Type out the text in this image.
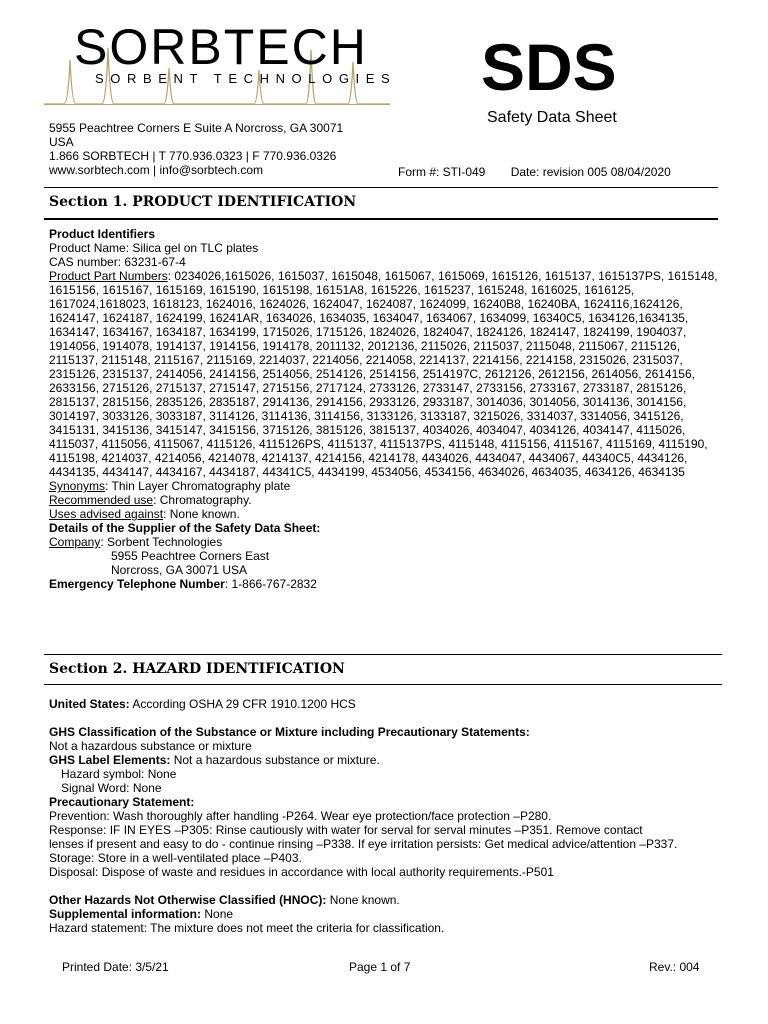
SORBTECH
SORBENT TECHNOLOGIES SDS
Safety Data Sheet
5955 Peachtree Corners E Suite A Norcross, GA 30071
USA
1.866 SORBTECH | T 770.936.0323 | F 770.936.0326
www.sorbtech.com | info@sorbtech.com	Form #: STI-049 Date: revision 005 08/04/2020
Section 1. PRODUCT IDENTIFICATION

Product Identifiers

Product Name: Silica gel on TLC plates

CAS number: 63231-67-4

Product Part Numbers: 0234026,1615026, 1615037, 1615048, 1615067, 1615069, 1615126, 1615137, 1615137PS, 1615148, 1615156, 1615167, 1615169, 1615190, 1615198, 16151A8, 1615226, 1615237, 1615248, 1616025, 1616125, 1617024,1618023, 1618123, 1624016, 1624026, 1624047, 1624087, 1624099, 16240B8, 16240BA, 1624116,1624126, 1624147, 1624187, 1624199, 16241AR, 1634026, 1634035, 1634047, 1634067, 1634099, 16340C5, 1634126,1634135, 1634147, 1634167, 1634187, 1634199, 1715026, 1715126, 1824026, 1824047, 1824126, 1824147, 1824199, 1904037, 1914056, 1914078, 1914137, 1914156, 1914178, 2011132, 2012136, 2115026, 2115037, 2115048, 2115067, 2115126, 2115137, 2115148, 2115167, 2115169, 2214037, 2214056, 2214058, 2214137, 2214156, 2214158, 2315026, 2315037, 2315126, 2315137, 2414056, 2414156, 2514056, 2514126, 2514156, 2514197C, 2612126, 2612156, 2614056, 2614156, 2633156, 2715126, 2715137, 2715147, 2715156, 2717124, 2733126, 2733147, 2733156, 2733167, 2733187, 2815126, 2815137, 2815156, 2835126, 2835187, 2914136, 2914156, 2933126, 2933187, 3014036, 3014056, 3014136, 3014156, 3014197, 3033126, 3033187, 3114126, 3114136, 3114156, 3133126, 3133187, 3215026, 3314037, 3314056, 3415126, 3415131, 3415136, 3415147, 3415156, 3715126, 3815126, 3815137, 4034026, 4034047, 4034126, 4034147, 4115026, 4115037, 4115056, 4115067, 4115126, 4115126PS, 4115137, 4115137PS, 4115148, 4115156, 4115167, 4115169, 4115190, 4115198, 4214037, 4214056, 4214078, 4214137, 4214156, 4214178, 4434026, 4434047, 4434067, 44340C5, 4434126, 4434135, 4434147, 4434167, 4434187, 44341C5, 4434199, 4534056, 4534156, 4634026, 4634035, 4634126, 4634135

Synonyms: Thin Layer Chromatography plate

Recommended use: Chromatography.

Uses advised against: None known.

Details of the Supplier of the Safety Data Sheet:

Company: Sorbent Technologies

5955 Peachtree Corners East

Norcross, GA 30071 USA

Emergency Telephone Number: 1-866-767-2832

Section 2. HAZARD IDENTIFICATION

United States: According OSHA 29 CFR 1910.1200 HCS

GHS Classification of the Substance or Mixture including Precautionary Statements:

Not a hazardous substance or mixture

GHS Label Elements: Not a hazardous substance or mixture.

Hazard symbol: None

Signal Word: None

Precautionary Statement:

Prevention: Wash thoroughly after handling -P264. Wear eye protection/face protection –P280.

Response: IF IN EYES –P305: Rinse cautiously with water for serval for serval minutes –P351. Remove contact

lenses if present and easy to do - continue rinsing –P338. If eye irritation persists: Get medical advice/attention –P337.

Storage: Store in a well-ventilated place –P403.

Disposal: Dispose of waste and residues in accordance with local authority requirements.-P501

Other Hazards Not Otherwise Classified (HNOC): None known.

Supplemental information: None

Hazard statement: The mixture does not meet the criteria for classification.

Printed Date: 3/5/21	Page 1 of 7	Rev.: 004
